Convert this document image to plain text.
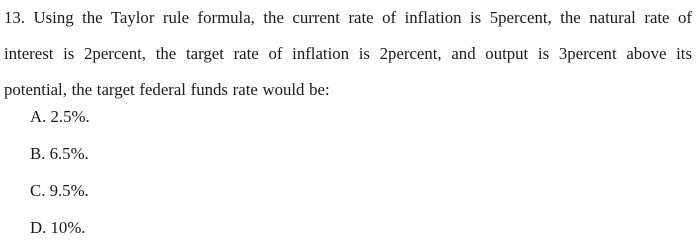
13. Using the Taylor rule formula, the current rate of inflation is 5percent, the natural rate of
interest is 2percent, the target rate of inflation is 2percent, and output is 3percent above its
potential, the target federal funds rate would be:
A. 2.5%.
B. 6.5%.
C. 9.5%.
D. 10%.
